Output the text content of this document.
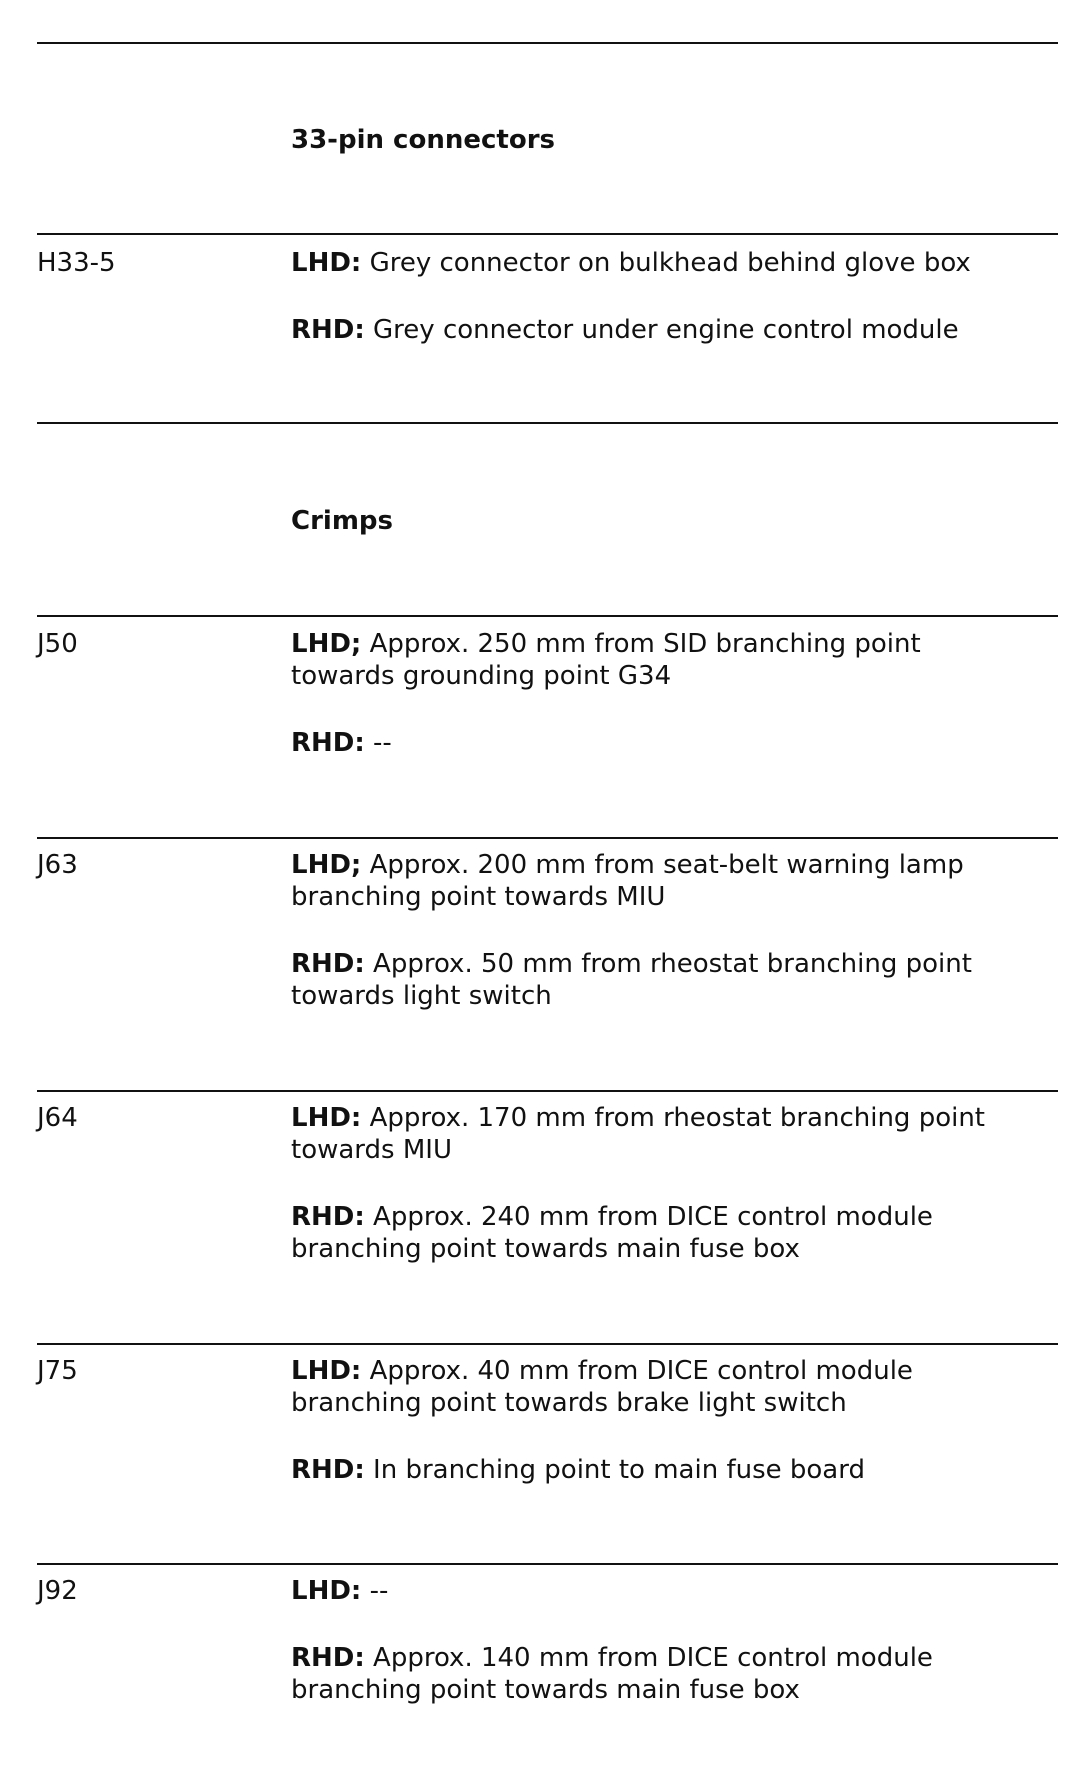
33-pin connectors
H33-5	LHD: Grey connector on bulkhead behind glove box
RHD: Grey connector under engine control module
Crimps
J50	LHD; Approx. 250 mm from SID branching point
towards grounding point G34
RHD: --
J63	LHD; Approx. 200 mm from seat-belt warning lamp
branching point towards MIU
RHD: Approx. 50 mm from rheostat branching point
towards light switch
J64	LHD: Approx. 170 mm from rheostat branching point
towards MIU
RHD: Approx. 240 mm from DICE control module
branching point towards main fuse box
J75	LHD: Approx. 40 mm from DICE control module
branching point towards brake light switch
RHD: In branching point to main fuse board
J92	LHD: --
RHD: Approx. 140 mm from DICE control module
branching point towards main fuse box
